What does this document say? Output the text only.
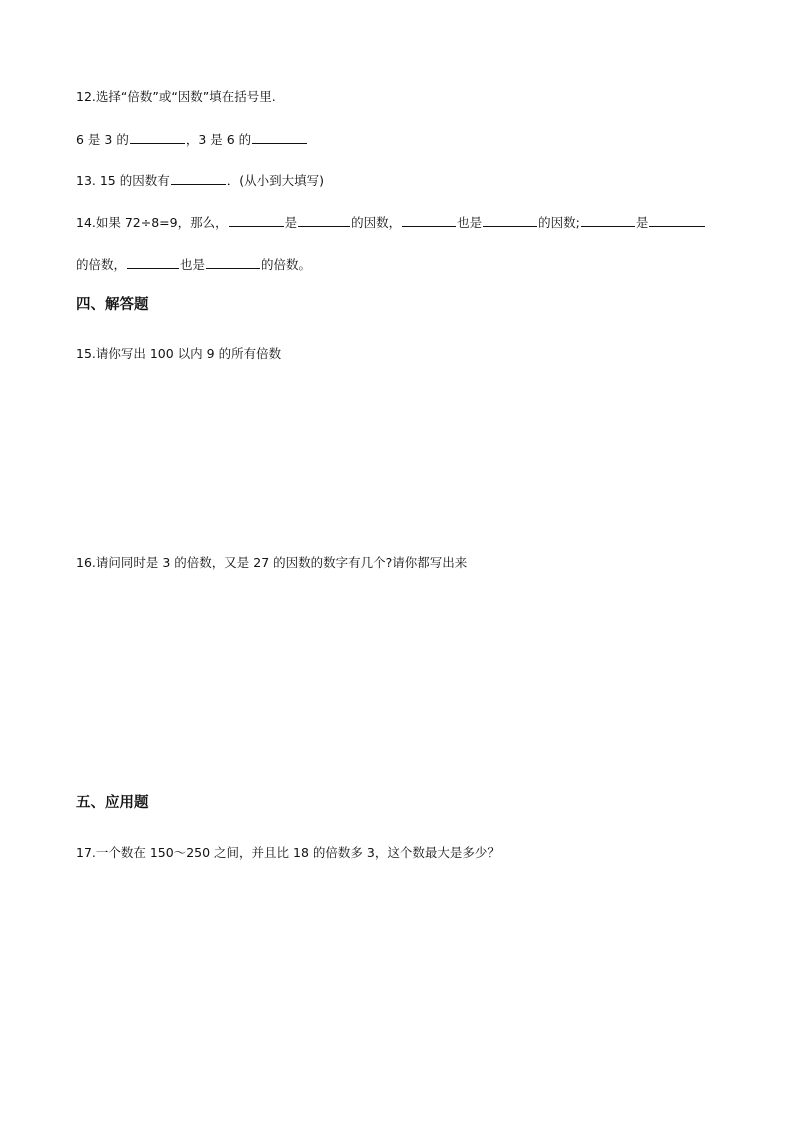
12.选择“倍数”或“因数”填在括号里.
6 是 3 的	，3 是 6 的
13. 15 的因数有	．(从小到大填写)
14.如果 72÷8=9，那么，	是	的因数，	也是	的因数;	是
的倍数，	也是	的倍数。
四、解答题
15.请你写出 100 以内 9 的所有倍数
16.请问同时是 3 的倍数，又是 27 的因数的数字有几个?请你都写出来
五、应用题
17.一个数在 150～250 之间，并且比 18 的倍数多 3，这个数最大是多少？
